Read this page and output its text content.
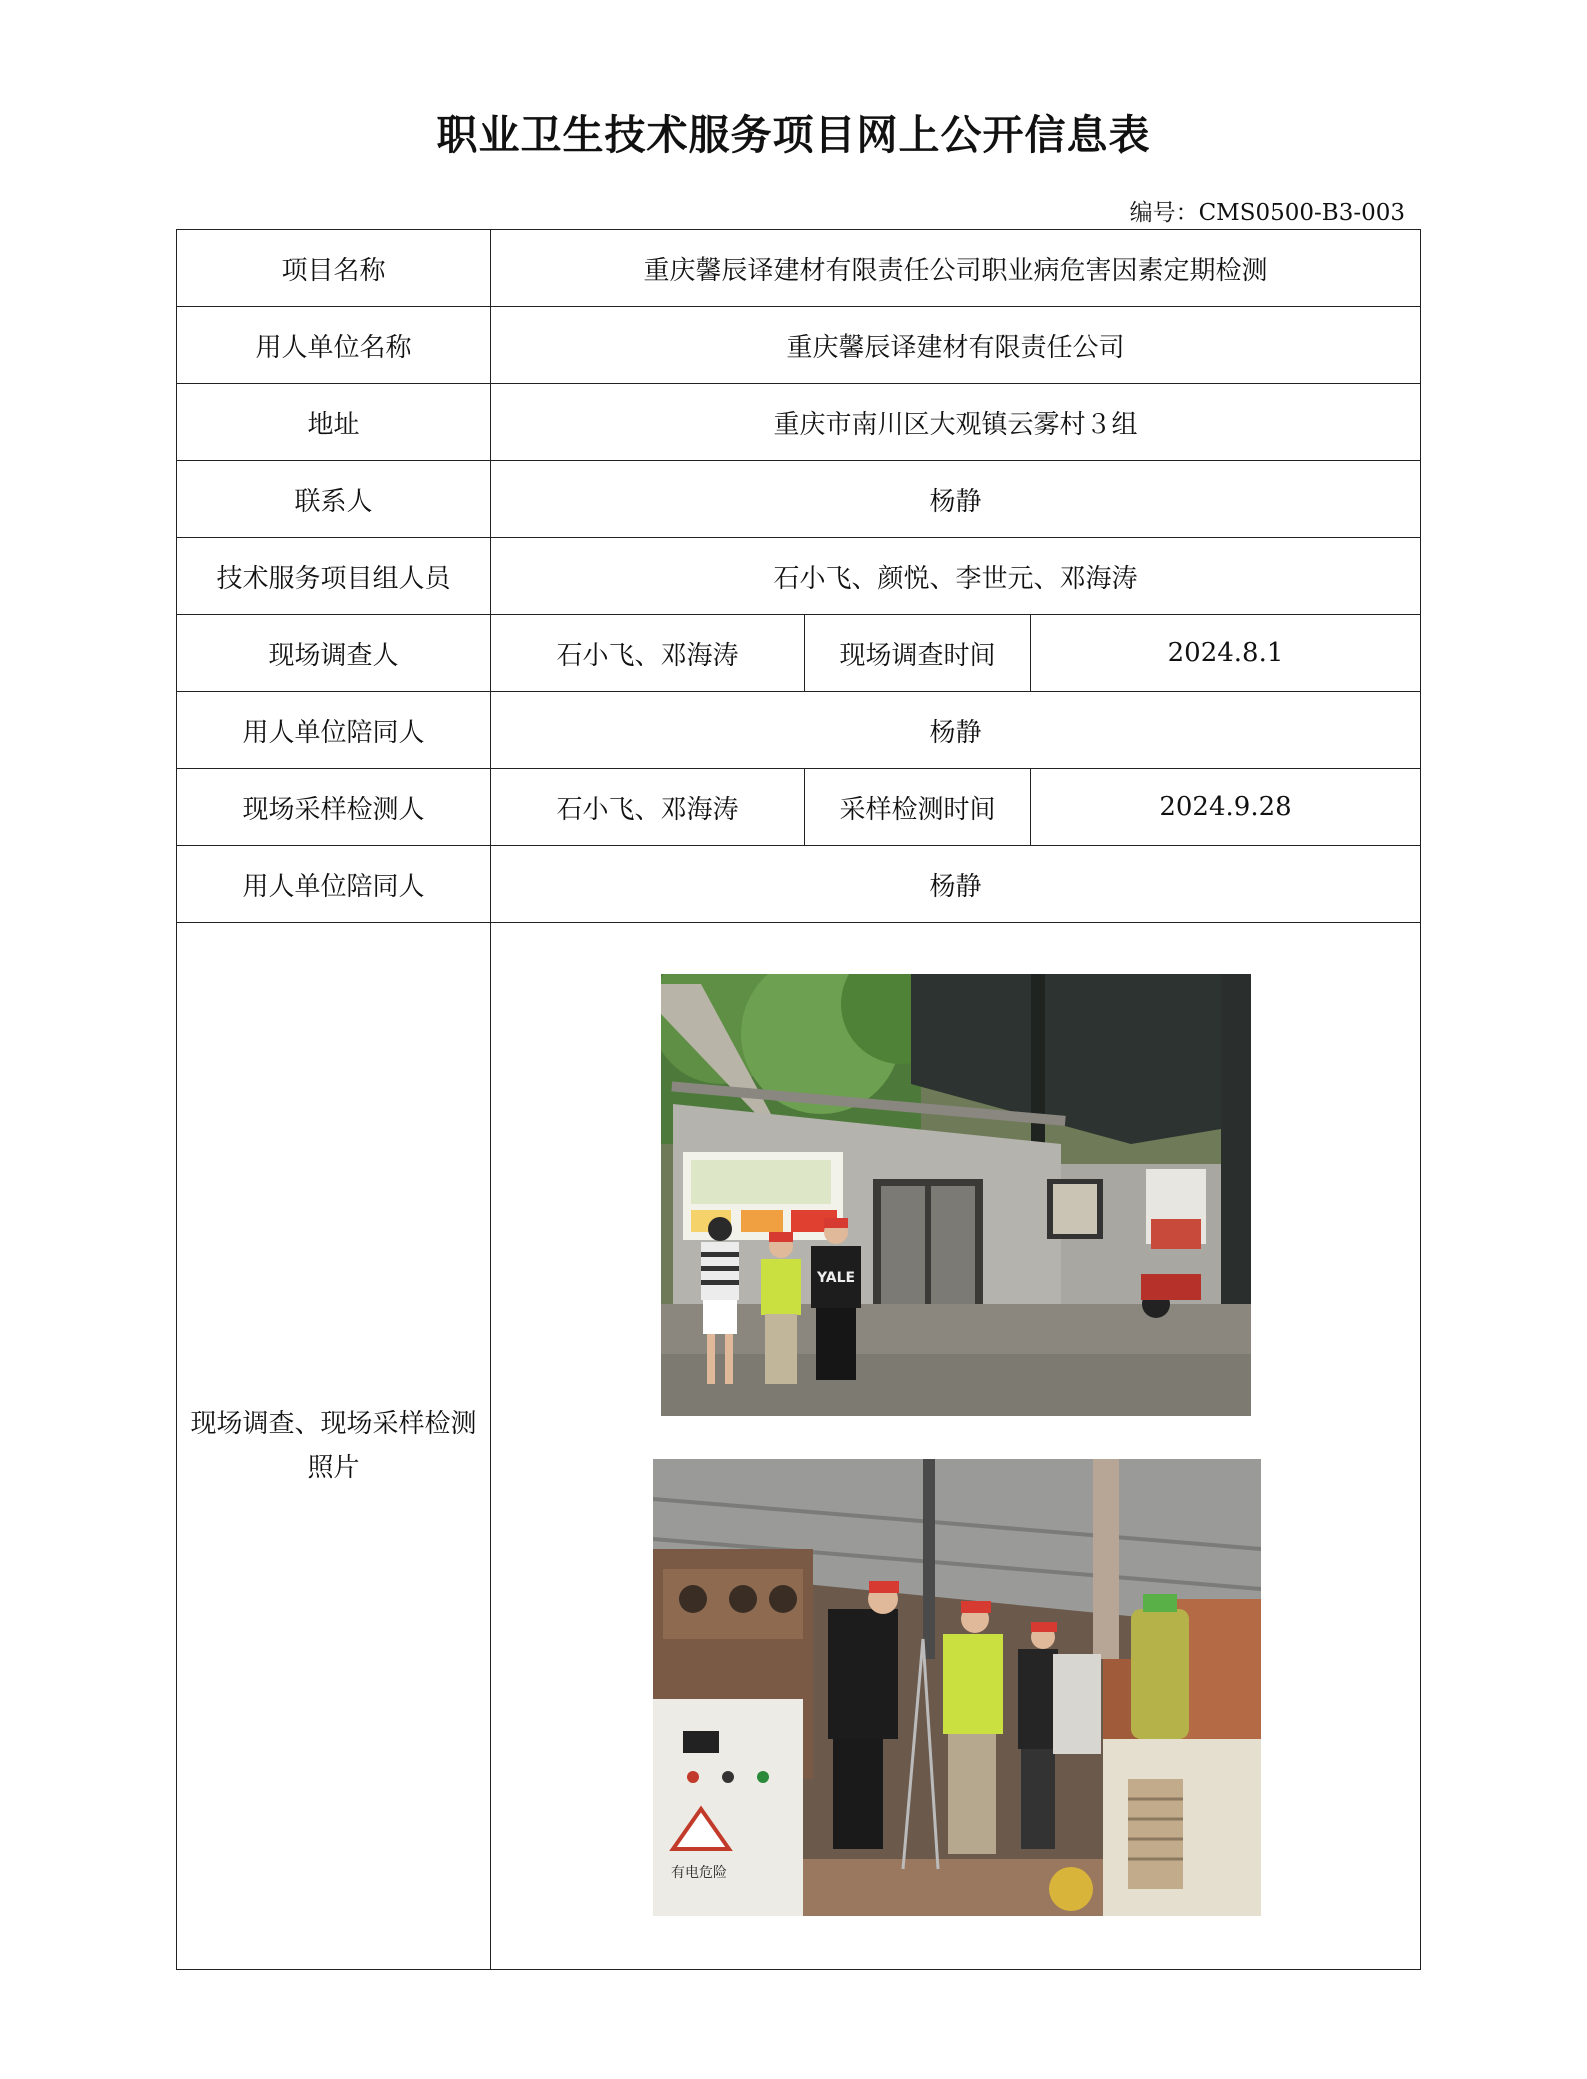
职业卫生技术服务项目网上公开信息表
编号：CMS0500-B3-003
项目名称	重庆馨辰译建材有限责任公司职业病危害因素定期检测		
用人单位名称	重庆馨辰译建材有限责任公司		
地址	重庆市南川区大观镇云雾村３组		
联系人	杨静		
技术服务项目组人员	石小飞、颜悦、李世元、邓海涛		
现场调查人	石小飞、邓海涛	现场调查时间	2024.8.1
用人单位陪同人	杨静		
现场采样检测人	石小飞、邓海涛	采样检测时间	2024.9.28
用人单位陪同人	杨静		
现场调查、现场采样检测照片	YALE
有电危险		
